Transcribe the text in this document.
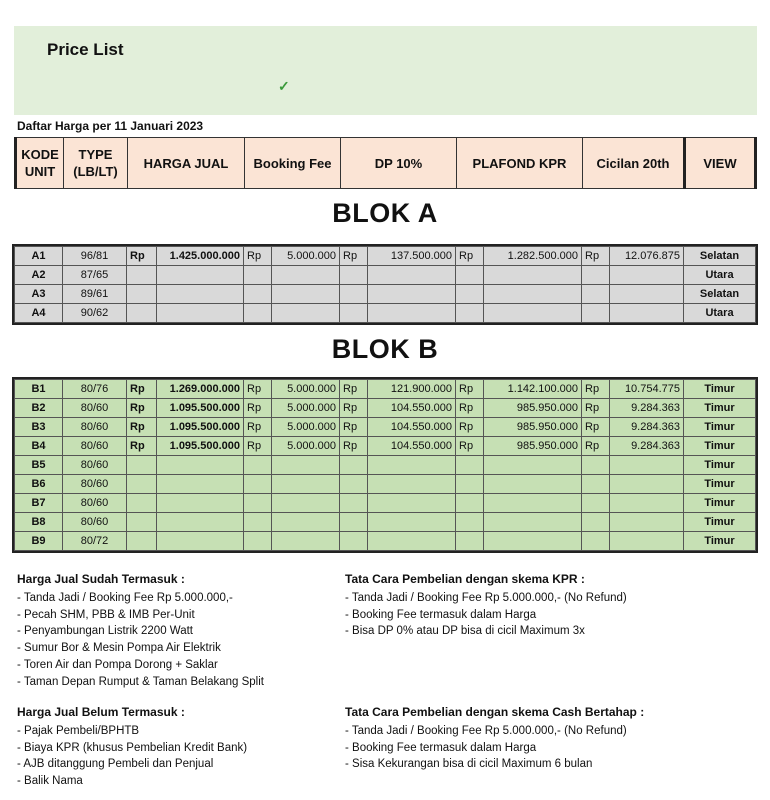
Price List
✓
Daftar Harga per 11 Januari 2023
KODE UNIT	TYPE (LB/LT)	HARGA JUAL	Booking Fee	DP 10%	PLAFOND KPR	Cicilan 20th	VIEW
BLOK A
A1	96/81	Rp	1.425.000.000	Rp	5.000.000	Rp	137.500.000	Rp	1.282.500.000	Rp	12.076.875	Selatan
A2	87/65											Utara
A3	89/61											Selatan
A4	90/62											Utara
BLOK B
B1	80/76	Rp	1.269.000.000	Rp	5.000.000	Rp	121.900.000	Rp	1.142.100.000	Rp	10.754.775	Timur
B2	80/60	Rp	1.095.500.000	Rp	5.000.000	Rp	104.550.000	Rp	985.950.000	Rp	9.284.363	Timur
B3	80/60	Rp	1.095.500.000	Rp	5.000.000	Rp	104.550.000	Rp	985.950.000	Rp	9.284.363	Timur
B4	80/60	Rp	1.095.500.000	Rp	5.000.000	Rp	104.550.000	Rp	985.950.000	Rp	9.284.363	Timur
B5	80/60											Timur
B6	80/60											Timur
B7	80/60											Timur
B8	80/60											Timur
B9	80/72											Timur
Harga Jual Sudah Termasuk :
- Tanda Jadi / Booking Fee Rp 5.000.000,-
- Pecah SHM, PBB & IMB Per-Unit
- Penyambungan Listrik 2200 Watt
- Sumur Bor & Mesin Pompa Air Elektrik
- Toren Air dan Pompa Dorong + Saklar
- Taman Depan Rumput & Taman Belakang Split
Harga Jual Belum Termasuk :
- Pajak Pembeli/BPHTB
- Biaya KPR (khusus Pembelian Kredit Bank)
- AJB ditanggung Pembeli dan Penjual
- Balik Nama
Tata Cara Pembelian dengan skema KPR :
- Tanda Jadi / Booking Fee Rp 5.000.000,- (No Refund)
- Booking Fee termasuk dalam Harga
- Bisa DP 0% atau DP bisa di cicil Maximum 3x
Tata Cara Pembelian dengan skema Cash Bertahap :
- Tanda Jadi / Booking Fee Rp 5.000.000,- (No Refund)
- Booking Fee termasuk dalam Harga
- Sisa Kekurangan bisa di cicil Maximum 6 bulan
